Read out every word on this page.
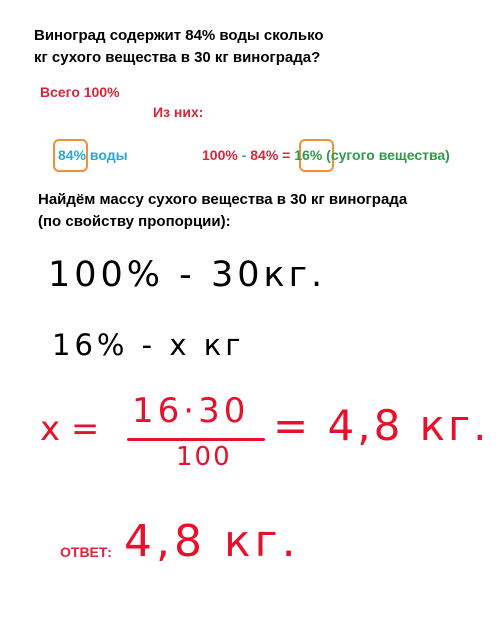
Виноград содержит 84% воды сколько
кг сухого вещества в 30 кг винограда?
Всего 100%
Из них:
84% воды	100% - 84% = 16% (сугого вещества)
Найдём массу сухого вещества в 30 кг винограда
(по свойству пропорции):
100% - 30кг.
16% - х кг
х = 16·30
100
= 4,8 кг.
ОТВЕТ: 4,8 кг.
